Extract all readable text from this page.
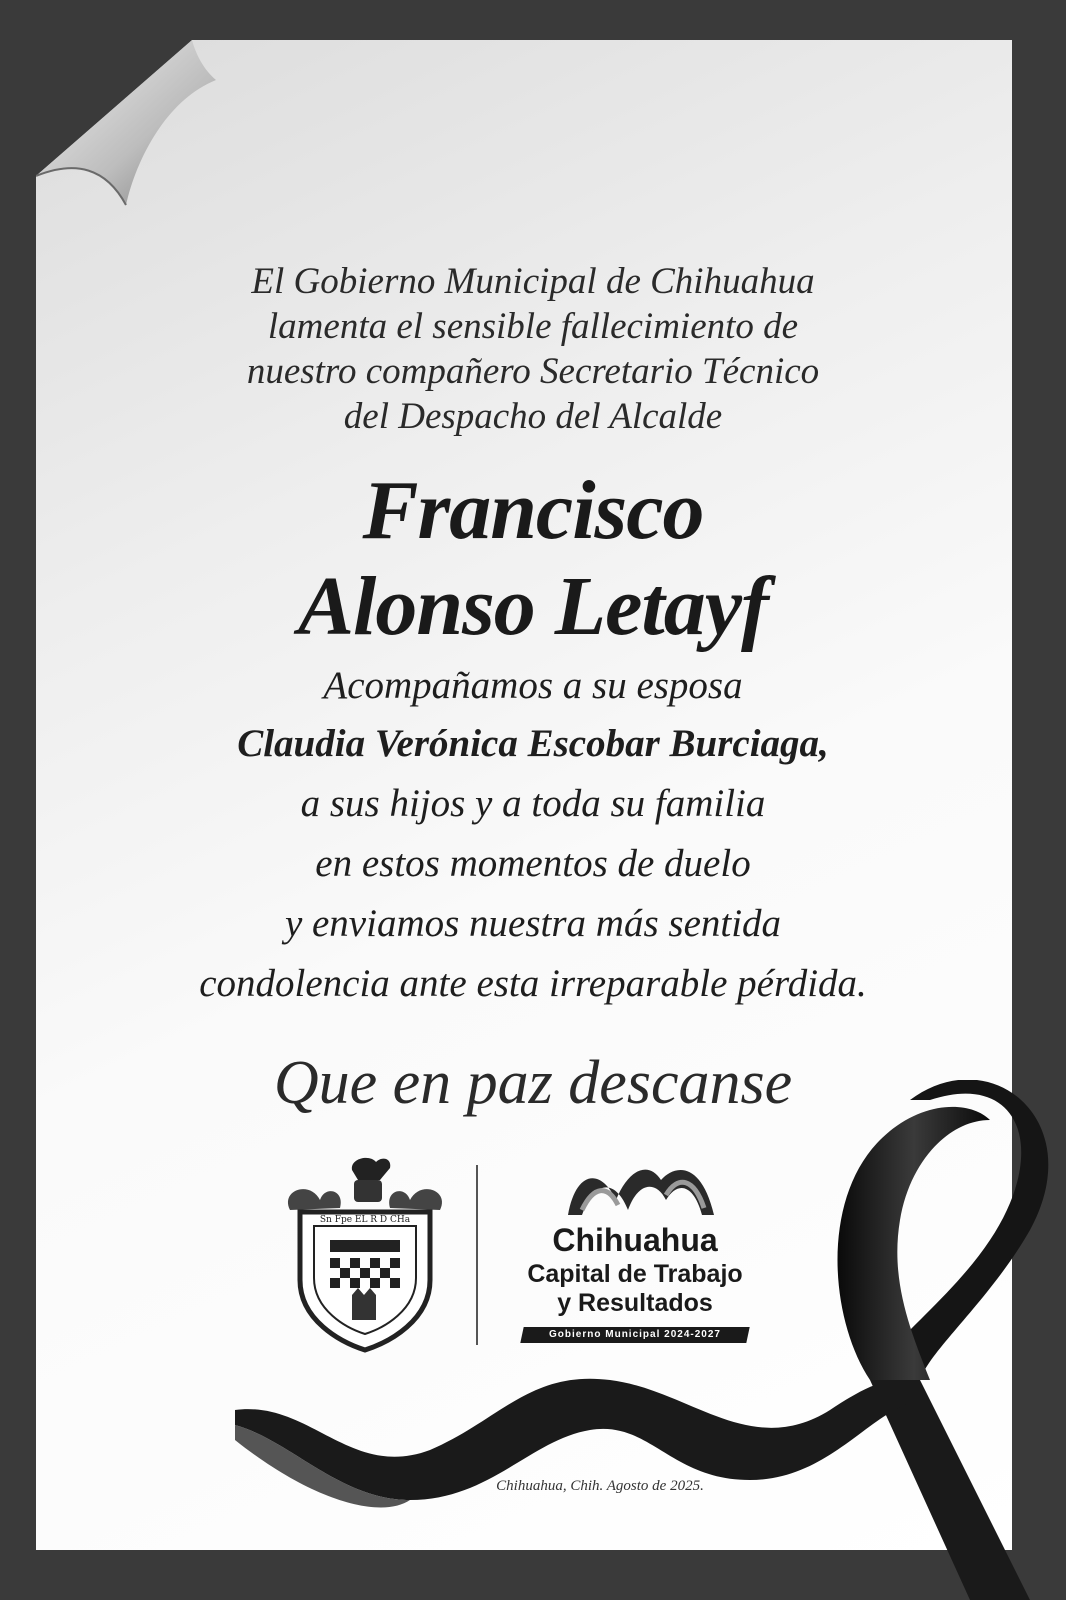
El Gobierno Municipal de Chihuahua
lamenta el sensible fallecimiento de
nuestro compañero Secretario Técnico
del Despacho del Alcalde
Francisco
Alonso Letayf
Acompañamos a su esposa
Claudia Verónica Escobar Burciaga,
a sus hijos y a toda su familia
en estos momentos de duelo
y enviamos nuestra más sentida
condolencia ante esta irreparable pérdida.
Que en paz descanse
Sn Fpe EL R D CHa
Chihuahua
Capital de Trabajo
y Resultados
Gobierno Municipal 2024-2027
Chihuahua, Chih. Agosto de 2025.
